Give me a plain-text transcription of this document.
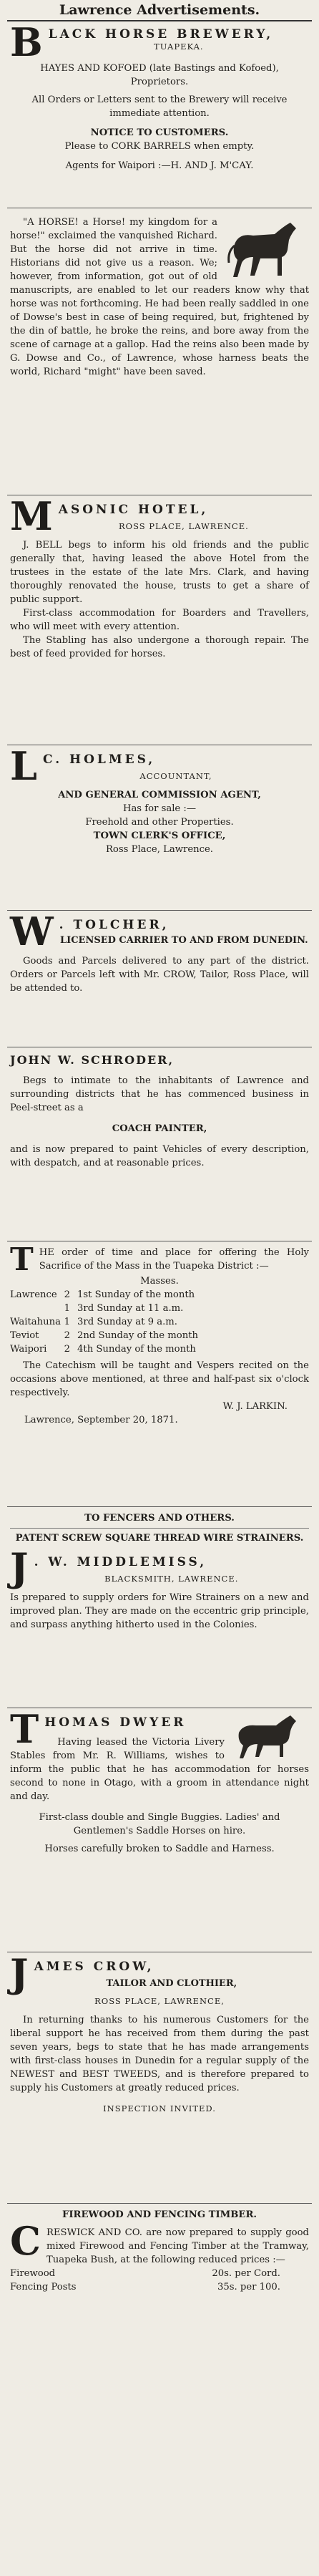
Lawrence Advertisements.
B LACK HORSE BREWERY,
TUAPEKA.

HAYES AND KOFOED (late Bastings and Kofoed), Proprietors.

All Orders or Letters sent to the Brewery will receive immediate attention.

NOTICE TO CUSTOMERS.

Please to CORK BARRELS when empty.

Agents for Waipori :—H. AND J. M'CAY.

"A HORSE! a Horse! my kingdom for a horse!" exclaimed the vanquished Richard. But the horse did not arrive in time. Historians did not give us a reason. We; however, from information, got out of old manuscripts, are enabled to let our readers know why that horse was not forthcoming. He had been really saddled in one of Dowse's best in case of being required, but, frightened by the din of battle, he broke the reins, and bore away from the scene of carnage at a gallop. Had the reins also been made by G. Dowse and Co., of Lawrence, whose harness beats the world, Richard "might" have been saved.

M ASONIC HOTEL,
ROSS PLACE, LAWRENCE.

J. BELL begs to inform his old friends and the public generally that, having leased the above Hotel from the trustees in the estate of the late Mrs. Clark, and having thoroughly renovated the house, trusts to get a share of public support.

First-class accommodation for Boarders and Travellers, who will meet with every attention.

The Stabling has also undergone a thorough repair. The best of feed provided for horses.

L C. HOLMES,
ACCOUNTANT,

AND GENERAL COMMISSION AGENT,

Has for sale :—

Freehold and other Properties.

TOWN CLERK'S OFFICE,

Ross Place, Lawrence.

W . TOLCHER,
LICENSED CARRIER TO AND FROM DUNEDIN.

Goods and Parcels delivered to any part of the district. Orders or Parcels left with Mr. CROW, Tailor, Ross Place, will be attended to.

JOHN W. SCHRODER,

Begs to intimate to the inhabitants of Lawrence and surrounding districts that he has commenced business in Peel-street as a

COACH PAINTER,

and is now prepared to paint Vehicles of every description, with despatch, and at reasonable prices.

T HE order of time and place for offering the Holy Sacrifice of the Mass in the Tuapeka District :—

Masses.

Lawrence 2 1st Sunday of the month
1 3rd Sunday at 11 a.m.
Waitahuna 1 3rd Sunday at 9 a.m.
Teviot	2 2nd Sunday of the month
Waipori	2 4th Sunday of the month

The Catechism will be taught and Vespers recited on the occasions above mentioned, at three and half-past six o'clock respectively.

W. J. LARKIN.

Lawrence, September 20, 1871.

TO FENCERS AND OTHERS.

PATENT SCREW SQUARE THREAD WIRE STRAINERS.

J . W. MIDDLEMISS,
BLACKSMITH, LAWRENCE.

Is prepared to supply orders for Wire Strainers on a new and improved plan. They are made on the eccentric grip principle, and surpass anything hitherto used in the Colonies.

T HOMAS DWYER

Having leased the Victoria Livery Stables from Mr. R. Williams, wishes to inform the public that he has accommodation for horses second to none in Otago, with a groom in attendance night and day.

First-class double and Single Buggies. Ladies' and Gentlemen's Saddle Horses on hire.

Horses carefully broken to Saddle and Harness.

J AMES CROW,
TAILOR AND CLOTHIER,
ROSS PLACE, LAWRENCE,

In returning thanks to his numerous Customers for the liberal support he has received from them during the past seven years, begs to state that he has made arrangements with first-class houses in Dunedin for a regular supply of the NEWEST and BEST TWEEDS, and is therefore prepared to supply his Customers at greatly reduced prices.

INSPECTION INVITED.

FIREWOOD AND FENCING TIMBER.

C RESWICK AND CO. are now prepared to supply good mixed Firewood and Fencing Timber at the Tramway, Tuapeka Bush, at the following reduced prices :—

Firewood	20s. per Cord.
Fencing Posts	35s. per 100.
